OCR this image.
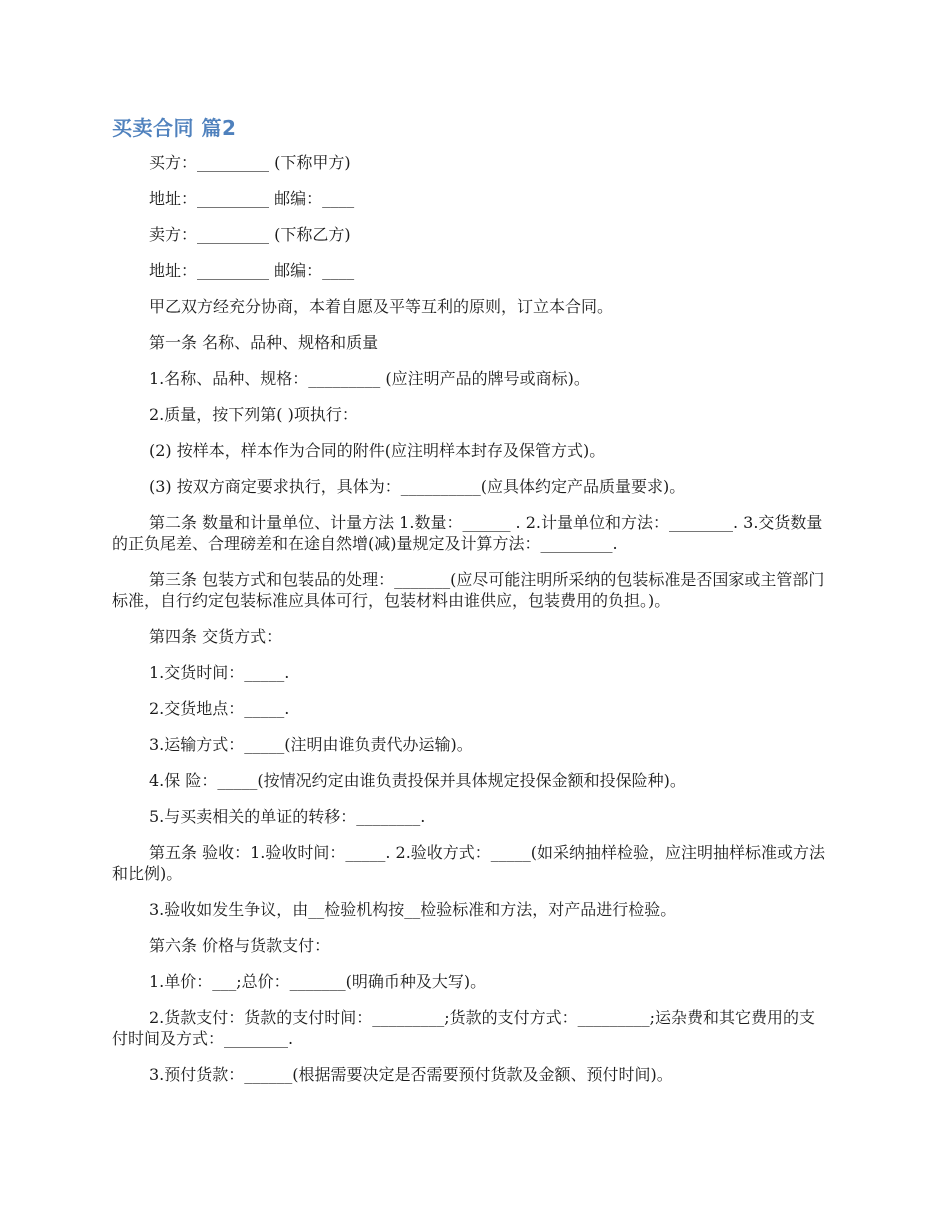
买卖合同 篇2

买方：_________ (下称甲方)

地址：_________ 邮编：____

卖方：_________ (下称乙方)

地址：_________ 邮编：____

甲乙双方经充分协商，本着自愿及平等互利的原则，订立本合同。

第一条 名称、品种、规格和质量

1.名称、品种、规格：_________ (应注明产品的牌号或商标)。

2.质量，按下列第( )项执行：

(2) 按样本，样本作为合同的附件(应注明样本封存及保管方式)。

(3) 按双方商定要求执行，具体为：__________(应具体约定产品质量要求)。

第二条 数量和计量单位、计量方法 1.数量：______ . 2.计量单位和方法：________. 3.交货数量的正负尾差、合理磅差和在途自然增(减)量规定及计算方法：_________.

第三条 包装方式和包装品的处理：_______(应尽可能注明所采纳的包装标准是否国家或主管部门标准，自行约定包装标准应具体可行，包装材料由谁供应，包装费用的负担。)。

第四条 交货方式：

1.交货时间：_____.

2.交货地点：_____.

3.运输方式：_____(注明由谁负责代办运输)。

4.保 险：_____(按情况约定由谁负责投保并具体规定投保金额和投保险种)。

5.与买卖相关的单证的转移：________.

第五条 验收：1.验收时间：_____. 2.验收方式：_____(如采纳抽样检验，应注明抽样标准或方法和比例)。

3.验收如发生争议，由__检验机构按__检验标准和方法，对产品进行检验。

第六条 价格与货款支付：

1.单价：___;总价：_______(明确币种及大写)。

2.货款支付：货款的支付时间：_________;货款的支付方式：_________;运杂费和其它费用的支付时间及方式：________.

3.预付货款：______(根据需要决定是否需要预付货款及金额、预付时间)。
